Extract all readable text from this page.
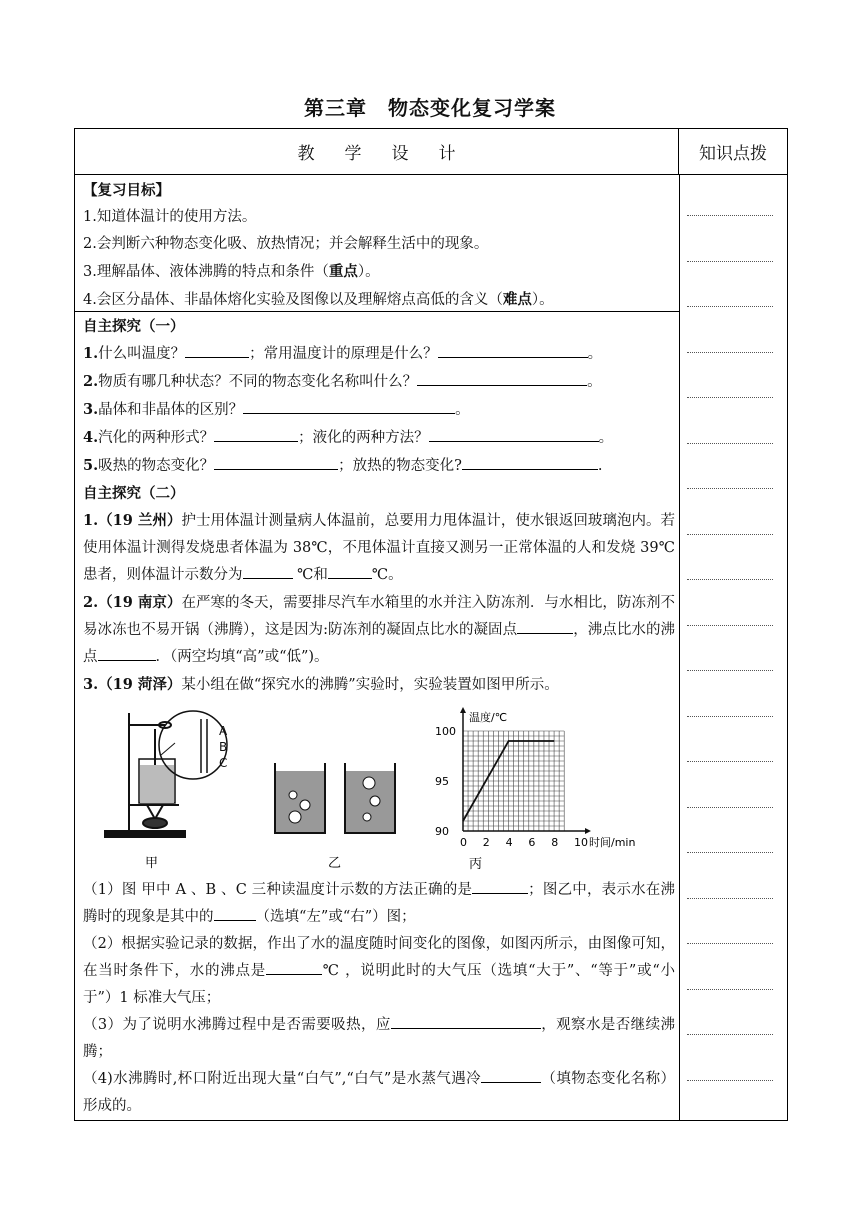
第三章　物态变化复习学案
教学设计	知识点拨
【复习目标】
1.知道体温计的使用方法。
2.会判断六种物态变化吸、放热情况；并会解释生活中的现象。
3.理解晶体、液体沸腾的特点和条件（重点）。
4.会区分晶体、非晶体熔化实验及图像以及理解熔点高低的含义（难点）。
自主探究（一）
1.什么叫温度？	；常用温度计的原理是什么？	。
2.物质有哪几种状态？不同的物态变化名称叫什么？	。
3.晶体和非晶体的区别？	。
4.汽化的两种形式？	；液化的两种方法？	。
5.吸热的物态变化？	；放热的物态变化?	.
自主探究（二）
1.（19 兰州）护士用体温计测量病人体温前，总要用力甩体温计，使水银返回玻璃泡内。若使用体温计测得发烧患者体温为 38℃，不甩体温计直接又测另一正常体温的人和发烧 39℃患者，则体温计示数分为	℃和	℃。
2.（19 南京）在严寒的冬天，需要排尽汽车水箱里的水并注入防冻剂．与水相比，防冻剂不易冰冻也不易开锅（沸腾），这是因为:防冻剂的凝固点比水的凝固点	，沸点比水的沸点	．（两空均填“高”或“低”)。
3.（19 菏泽）某小组在做“探究水的沸腾”实验时，实验装置如图甲所示。
A
B
C
甲	乙
100
95
90
0 2 4 6 8 10
温度/℃
时间/min
丙
（1）图 甲中 A 、B 、C 三种读温度计示数的方法正确的是	；图乙中，表示水在沸腾时的现象是其中的	（选填“左”或“右”）图；
（2）根据实验记录的数据，作出了水的温度随时间变化的图像，如图丙所示，由图像可知，在当时条件下，水的沸点是	℃ ，说明此时的大气压（选填“大于”、“等于”或“小于”）1 标准大气压；
（3）为了说明水沸腾过程中是否需要吸热，应	，观察水是否继续沸腾；
（4)水沸腾时,杯口附近出现大量“白气”,“白气”是水蒸气遇冷	（填物态变化名称）形成的。
